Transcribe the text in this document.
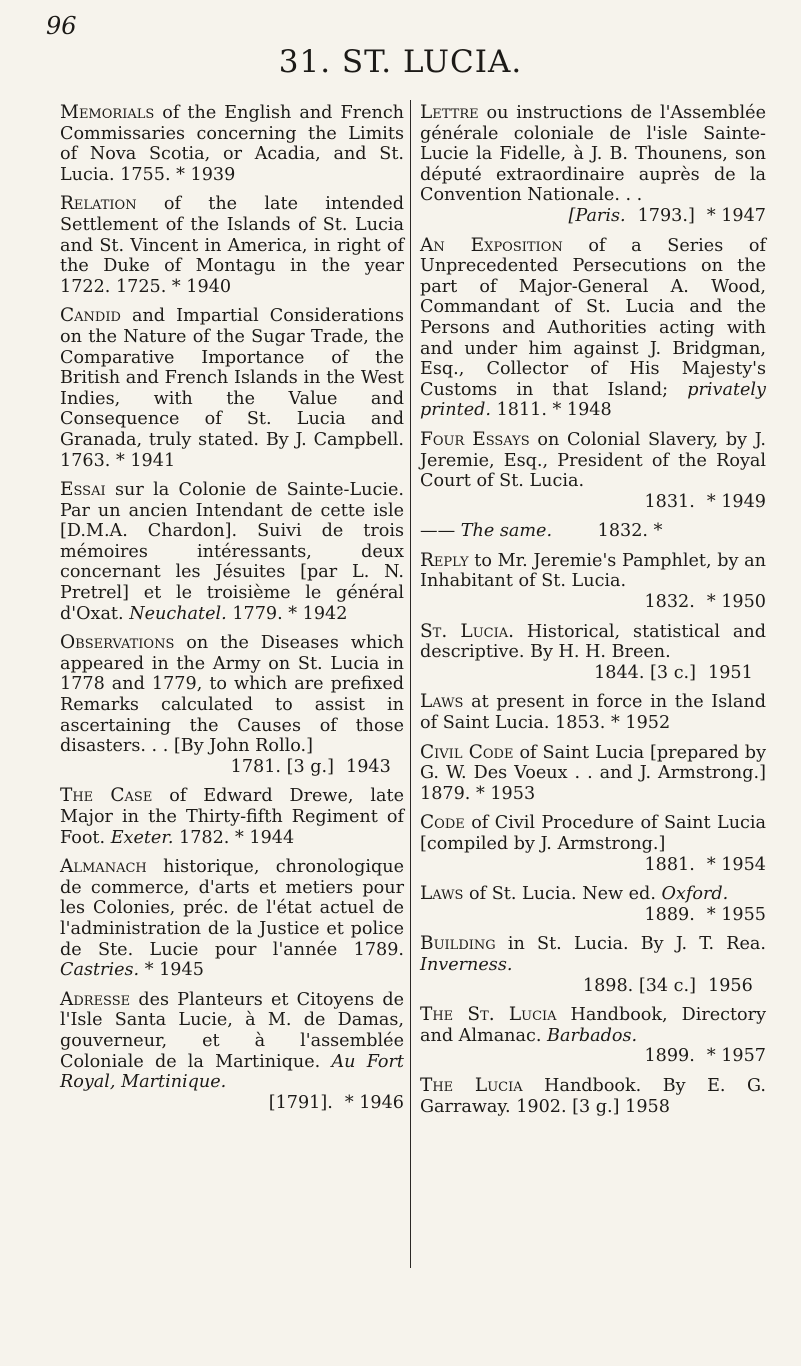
96
31. ST. LUCIA.
Memorials of the English and French Commissaries concerning the Limits of Nova Scotia, or Acadia, and St. Lucia. 1755. * 1939
Relation of the late intended Settlement of the Islands of St. Lucia and St. Vincent in America, in right of the Duke of Montagu in the year 1722. 1725. * 1940
Candid and Impartial Considerations on the Nature of the Sugar Trade, the Comparative Importance of the British and French Islands in the West Indies, with the Value and Consequence of St. Lucia and Granada, truly stated. By J. Campbell. 1763. * 1941
Essai sur la Colonie de Sainte-Lucie. Par un ancien Intendant de cette isle [D.M.A. Chardon]. Suivi de trois mémoires intéressants, deux concernant les Jésuites [par L. N. Pretrel] et le troisième le général d'Oxat. Neuchatel. 1779. * 1942
Observations on the Diseases which appeared in the Army on St. Lucia in 1778 and 1779, to which are prefixed Remarks calculated to assist in ascertaining the Causes of those disasters. . . [By John Rollo.]
1781. [3 g.] 1943
The Case of Edward Drewe, late Major in the Thirty-fifth Regiment of Foot. Exeter. 1782. * 1944
Almanach historique, chronologique de commerce, d'arts et metiers pour les Colonies, préc. de l'état actuel de l'administration de la Justice et police de Ste. Lucie pour l'année 1789. Castries. * 1945
Adresse des Planteurs et Citoyens de l'Isle Santa Lucie, à M. de Damas, gouverneur, et à l'assemblée Coloniale de la Martinique. Au Fort Royal, Martinique.
[1791]. * 1946
Lettre ou instructions de l'Assemblée générale coloniale de l'isle Sainte-Lucie la Fidelle, à J. B. Thounens, son député extraordinaire auprès de la Convention Nationale. . .
[Paris. 1793.] * 1947
An Exposition of a Series of Unprecedented Persecutions on the part of Major-General A. Wood, Commandant of St. Lucia and the Persons and Authorities acting with and under him against J. Bridgman, Esq., Collector of His Majesty's Customs in that Island; privately printed. 1811. * 1948
Four Essays on Colonial Slavery, by J. Jeremie, Esq., President of the Royal Court of St. Lucia.
1831. * 1949
—— The same.	1832. *
Reply to Mr. Jeremie's Pamphlet, by an Inhabitant of St. Lucia.
1832. * 1950
St. Lucia. Historical, statistical and descriptive. By H. H. Breen.
1844. [3 c.] 1951
Laws at present in force in the Island of Saint Lucia. 1853. * 1952
Civil Code of Saint Lucia [prepared by G. W. Des Voeux . . and J. Armstrong.] 1879. * 1953
Code of Civil Procedure of Saint Lucia [compiled by J. Armstrong.]
1881. * 1954
Laws of St. Lucia. New ed. Oxford.
1889. * 1955
Building in St. Lucia. By J. T. Rea. Inverness.
1898. [34 c.] 1956
The St. Lucia Handbook, Directory and Almanac. Barbados.
1899. * 1957
The Lucia Handbook. By E. G. Garraway. 1902. [3 g.] 1958
